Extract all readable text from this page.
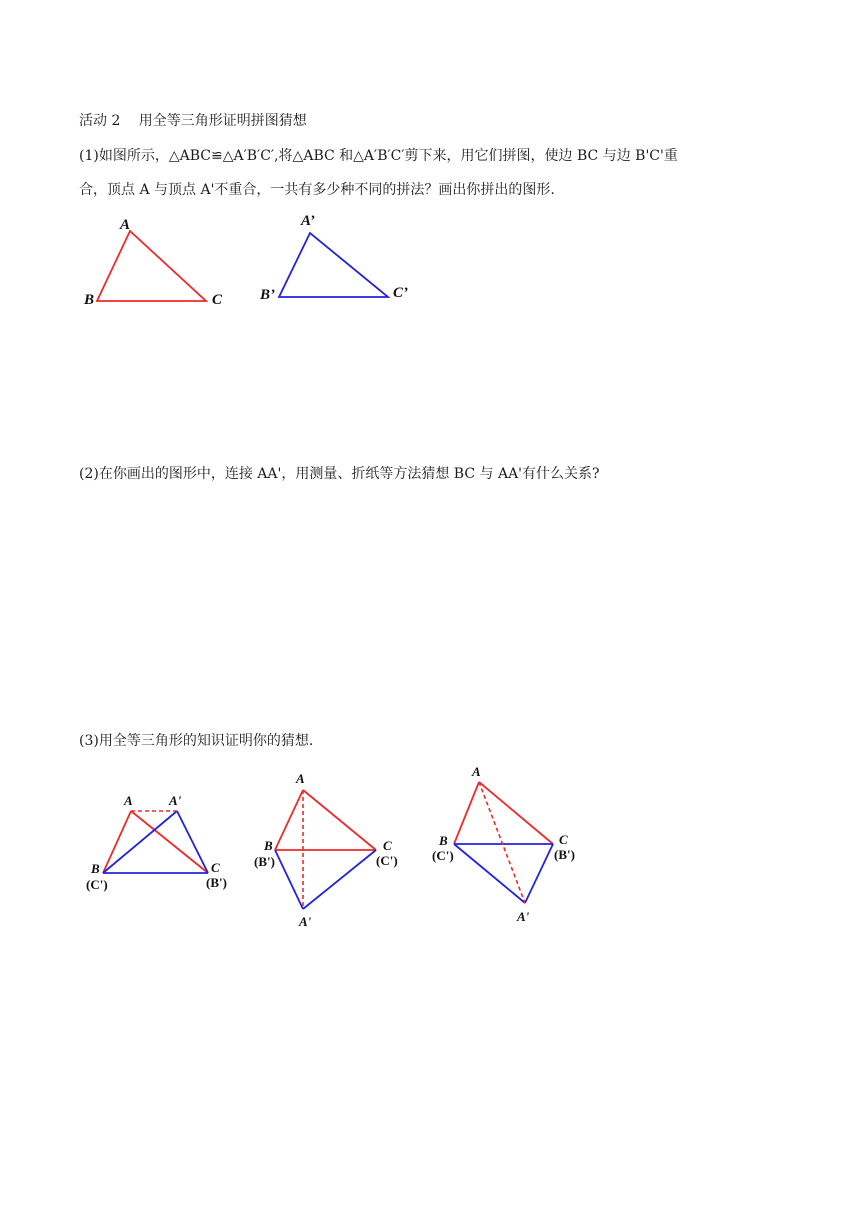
活动 2　 用全等三角形证明拼图猜想
(1)如图所示，△ABC≌△A′B′C′,将△ABC 和△A′B′C′剪下来，用它们拼图，使边 BC 与边 B'C'重
合，顶点 A 与顶点 A'不重合，一共有多少种不同的拼法？画出你拼出的图形.
(2)在你画出的图形中，连接 AA'，用测量、折纸等方法猜想 BC 与 AA'有什么关系?
(3)用全等三角形的知识证明你的猜想.
A
B	C
A’
B’	C’
A	A'
B
(C')
C
(B')
A
B
(B')
C
(C')
A'
A
B
(C')
C
(B')
A'
